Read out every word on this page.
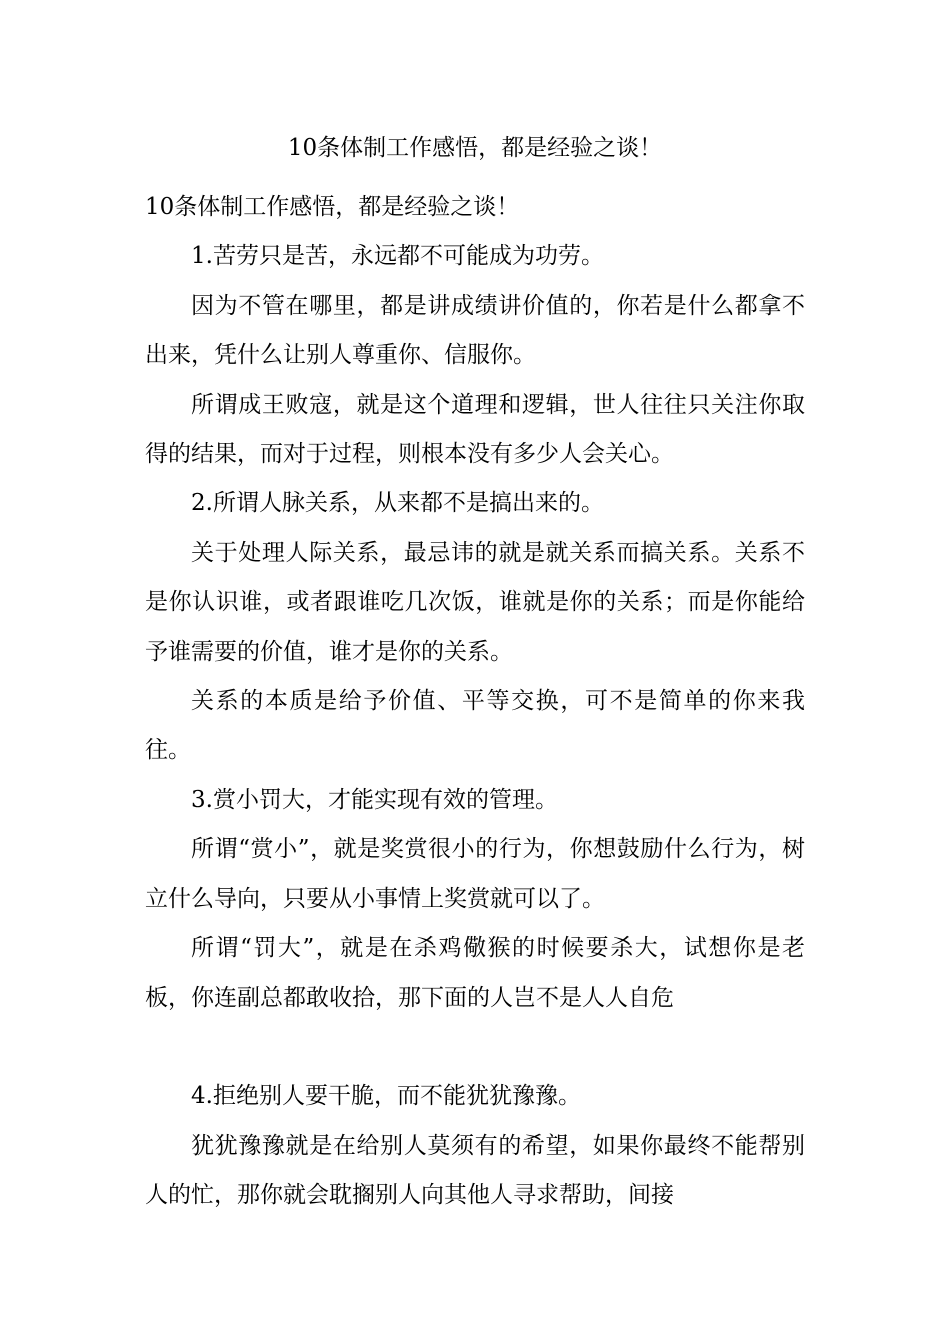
10条体制工作感悟，都是经验之谈！

10条体制工作感悟，都是经验之谈！

1.苦劳只是苦，永远都不可能成为功劳。

因为不管在哪里，都是讲成绩讲价值的，你若是什么都拿不出来，凭什么让别人尊重你、信服你。

所谓成王败寇，就是这个道理和逻辑，世人往往只关注你取得的结果，而对于过程，则根本没有多少人会关心。

2.所谓人脉关系，从来都不是搞出来的。

关于处理人际关系，最忌讳的就是就关系而搞关系。关系不是你认识谁，或者跟谁吃几次饭，谁就是你的关系；而是你能给予谁需要的价值，谁才是你的关系。

关系的本质是给予价值、平等交换，可不是简单的你来我往。

3.赏小罚大，才能实现有效的管理。

所谓“赏小”，就是奖赏很小的行为，你想鼓励什么行为，树立什么导向，只要从小事情上奖赏就可以了。

所谓“罚大”，就是在杀鸡儆猴的时候要杀大，试想你是老板，你连副总都敢收拾，那下面的人岂不是人人自危

4.拒绝别人要干脆，而不能犹犹豫豫。

犹犹豫豫就是在给别人莫须有的希望，如果你最终不能帮别人的忙，那你就会耽搁别人向其他人寻求帮助，间接
